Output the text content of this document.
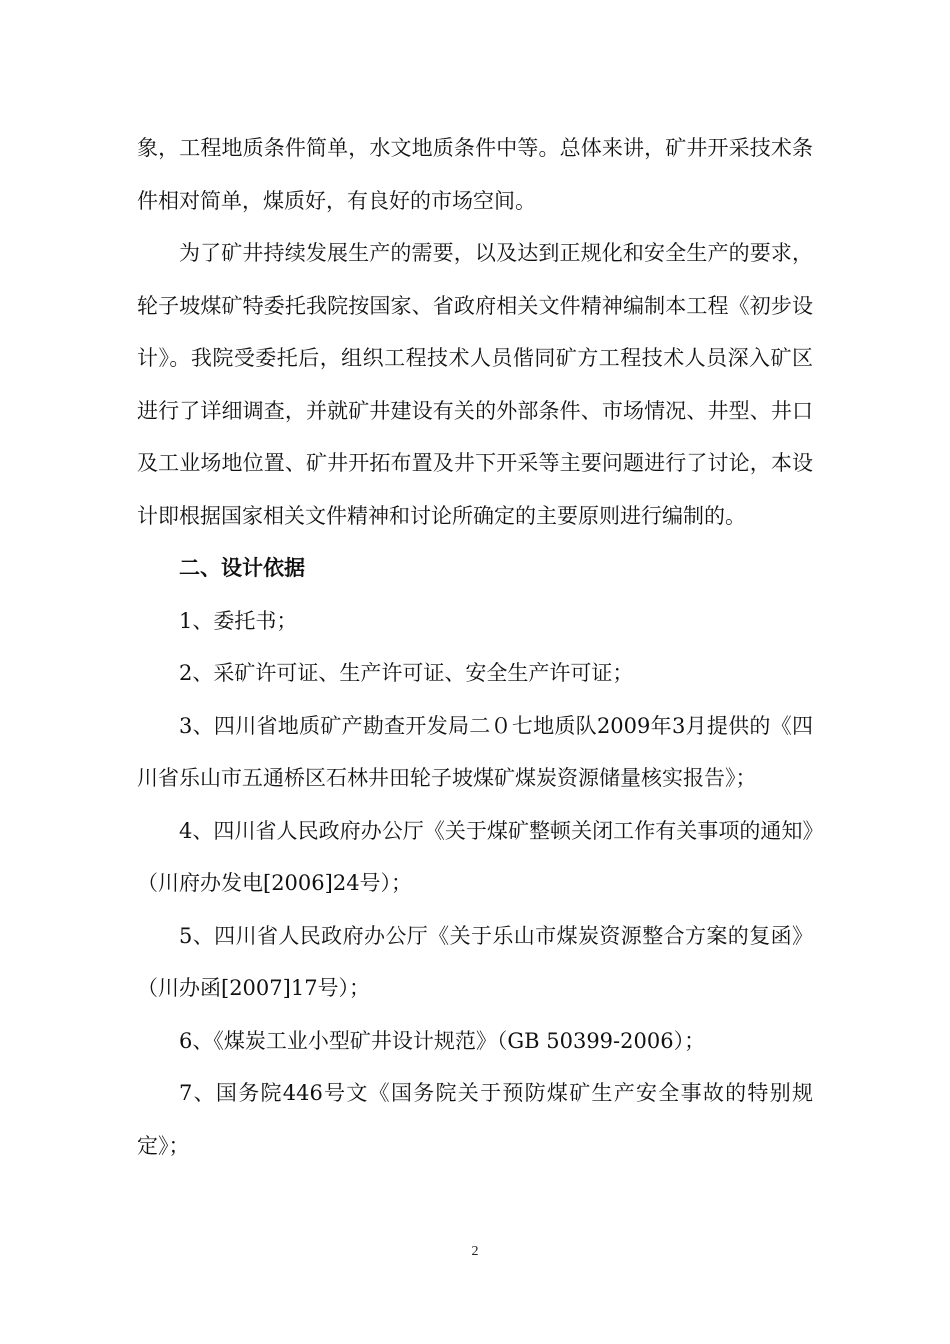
象，工程地质条件简单，水文地质条件中等。总体来讲，矿井开采技术条件相对简单，煤质好，有良好的市场空间。

为了矿井持续发展生产的需要，以及达到正规化和安全生产的要求，轮子坡煤矿特委托我院按国家、省政府相关文件精神编制本工程《初步设计》。我院受委托后，组织工程技术人员偕同矿方工程技术人员深入矿区进行了详细调查，并就矿井建设有关的外部条件、市场情况、井型、井口及工业场地位置、矿井开拓布置及井下开采等主要问题进行了讨论，本设计即根据国家相关文件精神和讨论所确定的主要原则进行编制的。

二、设计依据

1、委托书；

2、采矿许可证、生产许可证、安全生产许可证；

3、四川省地质矿产勘查开发局二０七地质队2009年3月提供的《四川省乐山市五通桥区石林井田轮子坡煤矿煤炭资源储量核实报告》；

4、四川省人民政府办公厅《关于煤矿整顿关闭工作有关事项的通知》（川府办发电[2006]24号）；

5、四川省人民政府办公厅《关于乐山市煤炭资源整合方案的复函》（川办函[2007]17号）；

6、《煤炭工业小型矿井设计规范》（GB 50399-2006）；

7、国务院446号文《国务院关于预防煤矿生产安全事故的特别规定》；

2
